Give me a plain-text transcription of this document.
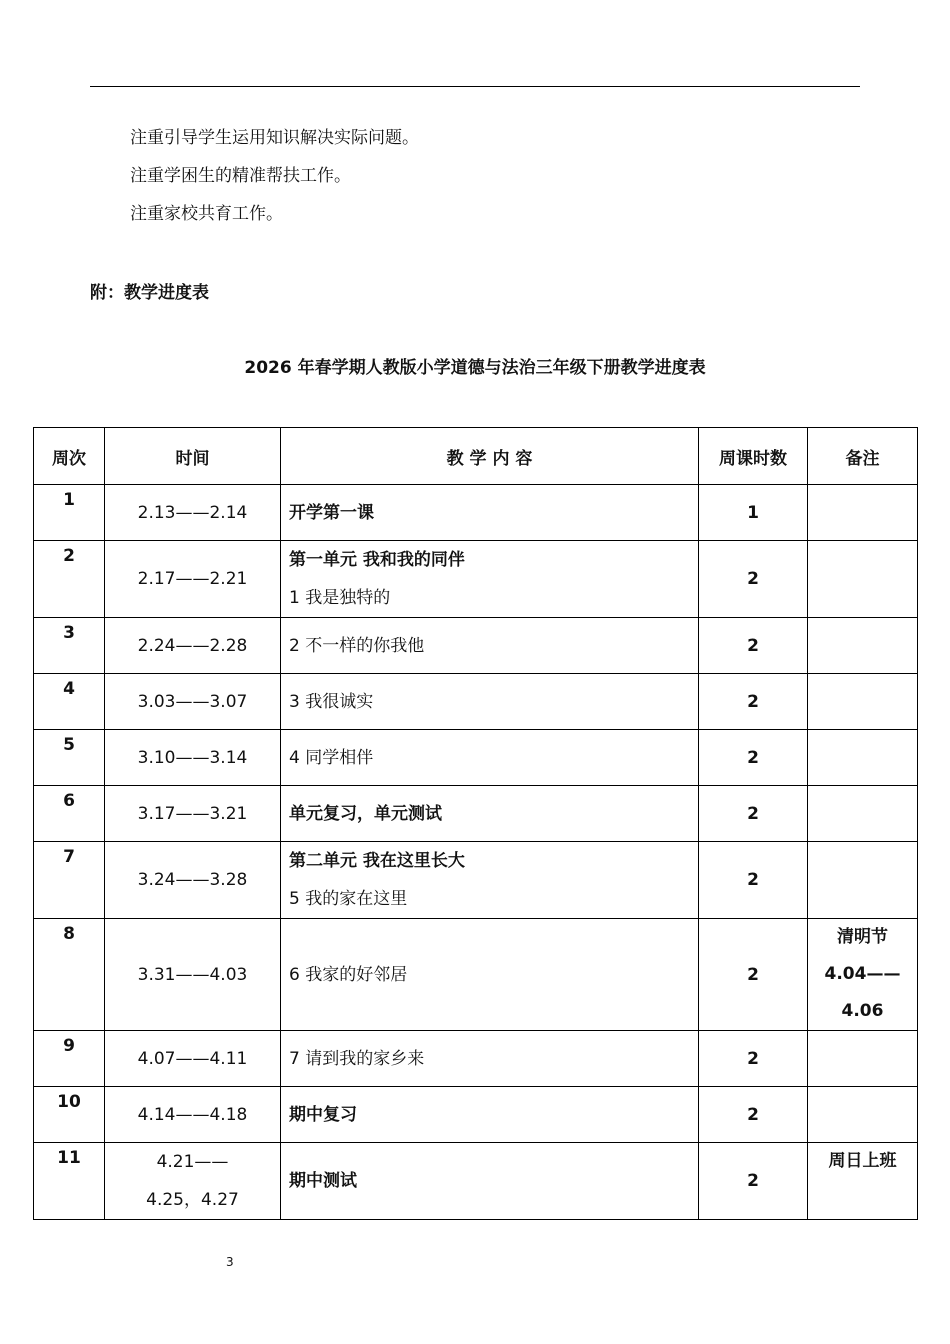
注重引导学生运用知识解决实际问题。
注重学困生的精准帮扶工作。
注重家校共育工作。
附：教学进度表
2026 年春学期人教版小学道德与法治三年级下册教学进度表
周次	时间	教 学 内 容	周课时数	备注
1	2.13——2.14	开学第一课	1	
2	2.17——2.21	第一单元 我和我的同伴
1 我是独特的	2	
3	2.24——2.28	2 不一样的你我他	2	
4	3.03——3.07	3 我很诚实	2	
5	3.10——3.14	4 同学相伴	2	
6	3.17——3.21	单元复习，单元测试	2	
7	3.24——3.28	第二单元 我在这里长大
5 我的家在这里	2	
8	3.31——4.03	6 我家的好邻居	2	清明节
4.04——
4.06

9	4.07——4.11	7 请到我的家乡来	2	
10	4.14——4.18	期中复习	2	
11	4.21——
4.25，4.27	期中测试	2	周日上班
3
